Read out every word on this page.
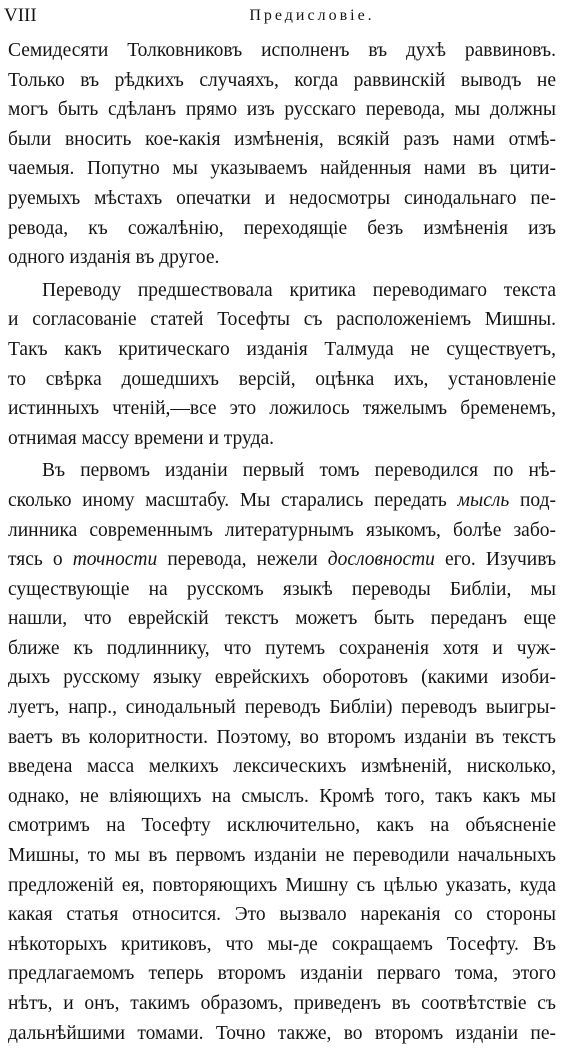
VIII	Предисловіе.
Семидесяти Толковниковъ исполненъ въ духѣ раввиновъ.
Только въ рѣдкихъ случаяхъ, когда раввинскій выводъ не
могъ быть сдѣланъ прямо изъ русскаго перевода, мы должны
были вносить кое-какія измѣненія, всякій разъ нами отмѣ-
чаемыя. Попутно мы указываемъ найденныя нами въ цити-
руемыхъ мѣстахъ опечатки и недосмотры синодальнаго пе-
ревода, къ сожалѣнію, переходящіе безъ измѣненія изъ
одного изданія въ другое.
Переводу предшествовала критика переводимаго текста
и согласованіе статей Тосефты съ расположеніемъ Мишны.
Такъ какъ критическаго изданія Талмуда не существуетъ,
то свѣрка дошедшихъ версій, оцѣнка ихъ, установленіе
истинныхъ чтеній,—все это ложилось тяжелымъ бременемъ,
отнимая массу времени и труда.
Въ первомъ изданіи первый томъ переводился по нѣ-
сколько иному масштабу. Мы старались передать мысль под-
линника современнымъ литературнымъ языкомъ, болѣе забо-
тясь о точности перевода, нежели дословности его. Изучивъ
существующіе на русскомъ языкѣ переводы Библіи, мы
нашли, что еврейскій текстъ можетъ быть переданъ еще
ближе къ подлиннику, что путемъ сохраненія хотя и чуж-
дыхъ русскому языку еврейскихъ оборотовъ (какими изоби-
луетъ, напр., синодальный переводъ Библіи) переводъ выигры-
ваетъ въ колоритности. Поэтому, во второмъ изданіи въ текстъ
введена масса мелкихъ лексическихъ измѣненій, нисколько,
однако, не вліяющихъ на смыслъ. Кромѣ того, такъ какъ мы
смотримъ на Тосефту исключительно, какъ на объясненіе
Мишны, то мы въ первомъ изданіи не переводили начальныхъ
предложеній ея, повторяющихъ Мишну съ цѣлью указать, куда
какая статья относится. Это вызвало нареканія со стороны
нѣкоторыхъ критиковъ, что мы-де сокращаемъ Тосефту. Въ
предлагаемомъ теперь второмъ изданіи перваго тома, этого
нѣтъ, и онъ, такимъ образомъ, приведенъ въ соотвѣтствіе съ
дальнѣйшими томами. Точно также, во второмъ изданіи пе-
